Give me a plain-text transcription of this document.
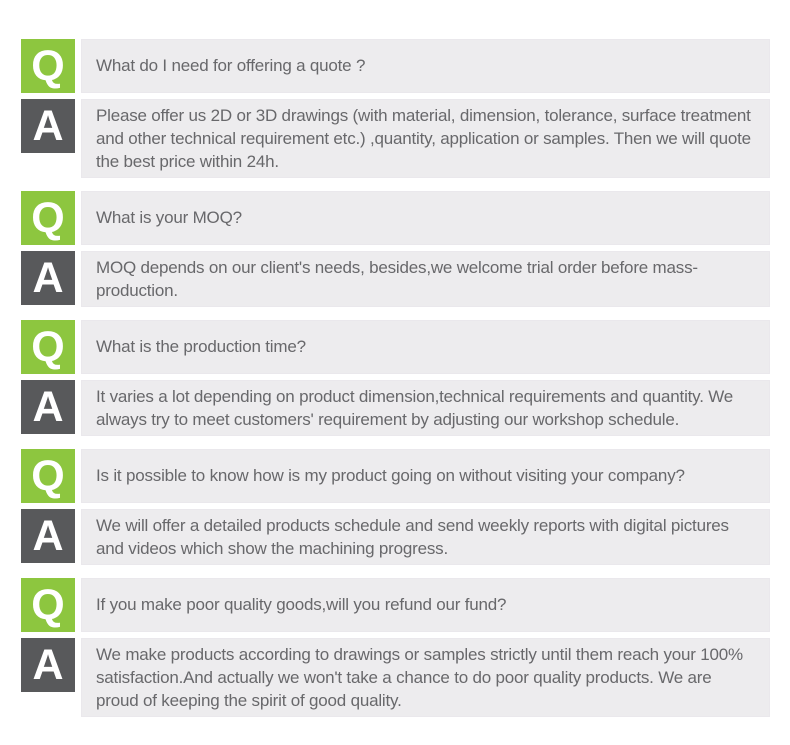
Q	What do I need for offering a quote ?
A	Please offer us 2D or 3D drawings (with material, dimension, tolerance, surface treatment and other technical requirement etc.) ,quantity, application or samples. Then we will quote the best price within 24h.
Q	What is your MOQ?
A	MOQ depends on our client's needs, besides,we welcome trial order before mass-production.
Q	What is the production time?
A	It varies a lot depending on product dimension,technical requirements and quantity. We always try to meet customers' requirement by adjusting our workshop schedule.
Q	Is it possible to know how is my product going on without visiting your company?
A	We will offer a detailed products schedule and send weekly reports with digital pictures and videos which show the machining progress.
Q	If you make poor quality goods,will you refund our fund?
A	We make products according to drawings or samples strictly until them reach your 100% satisfaction.And actually we won't take a chance to do poor quality products. We are proud of keeping the spirit of good quality.
